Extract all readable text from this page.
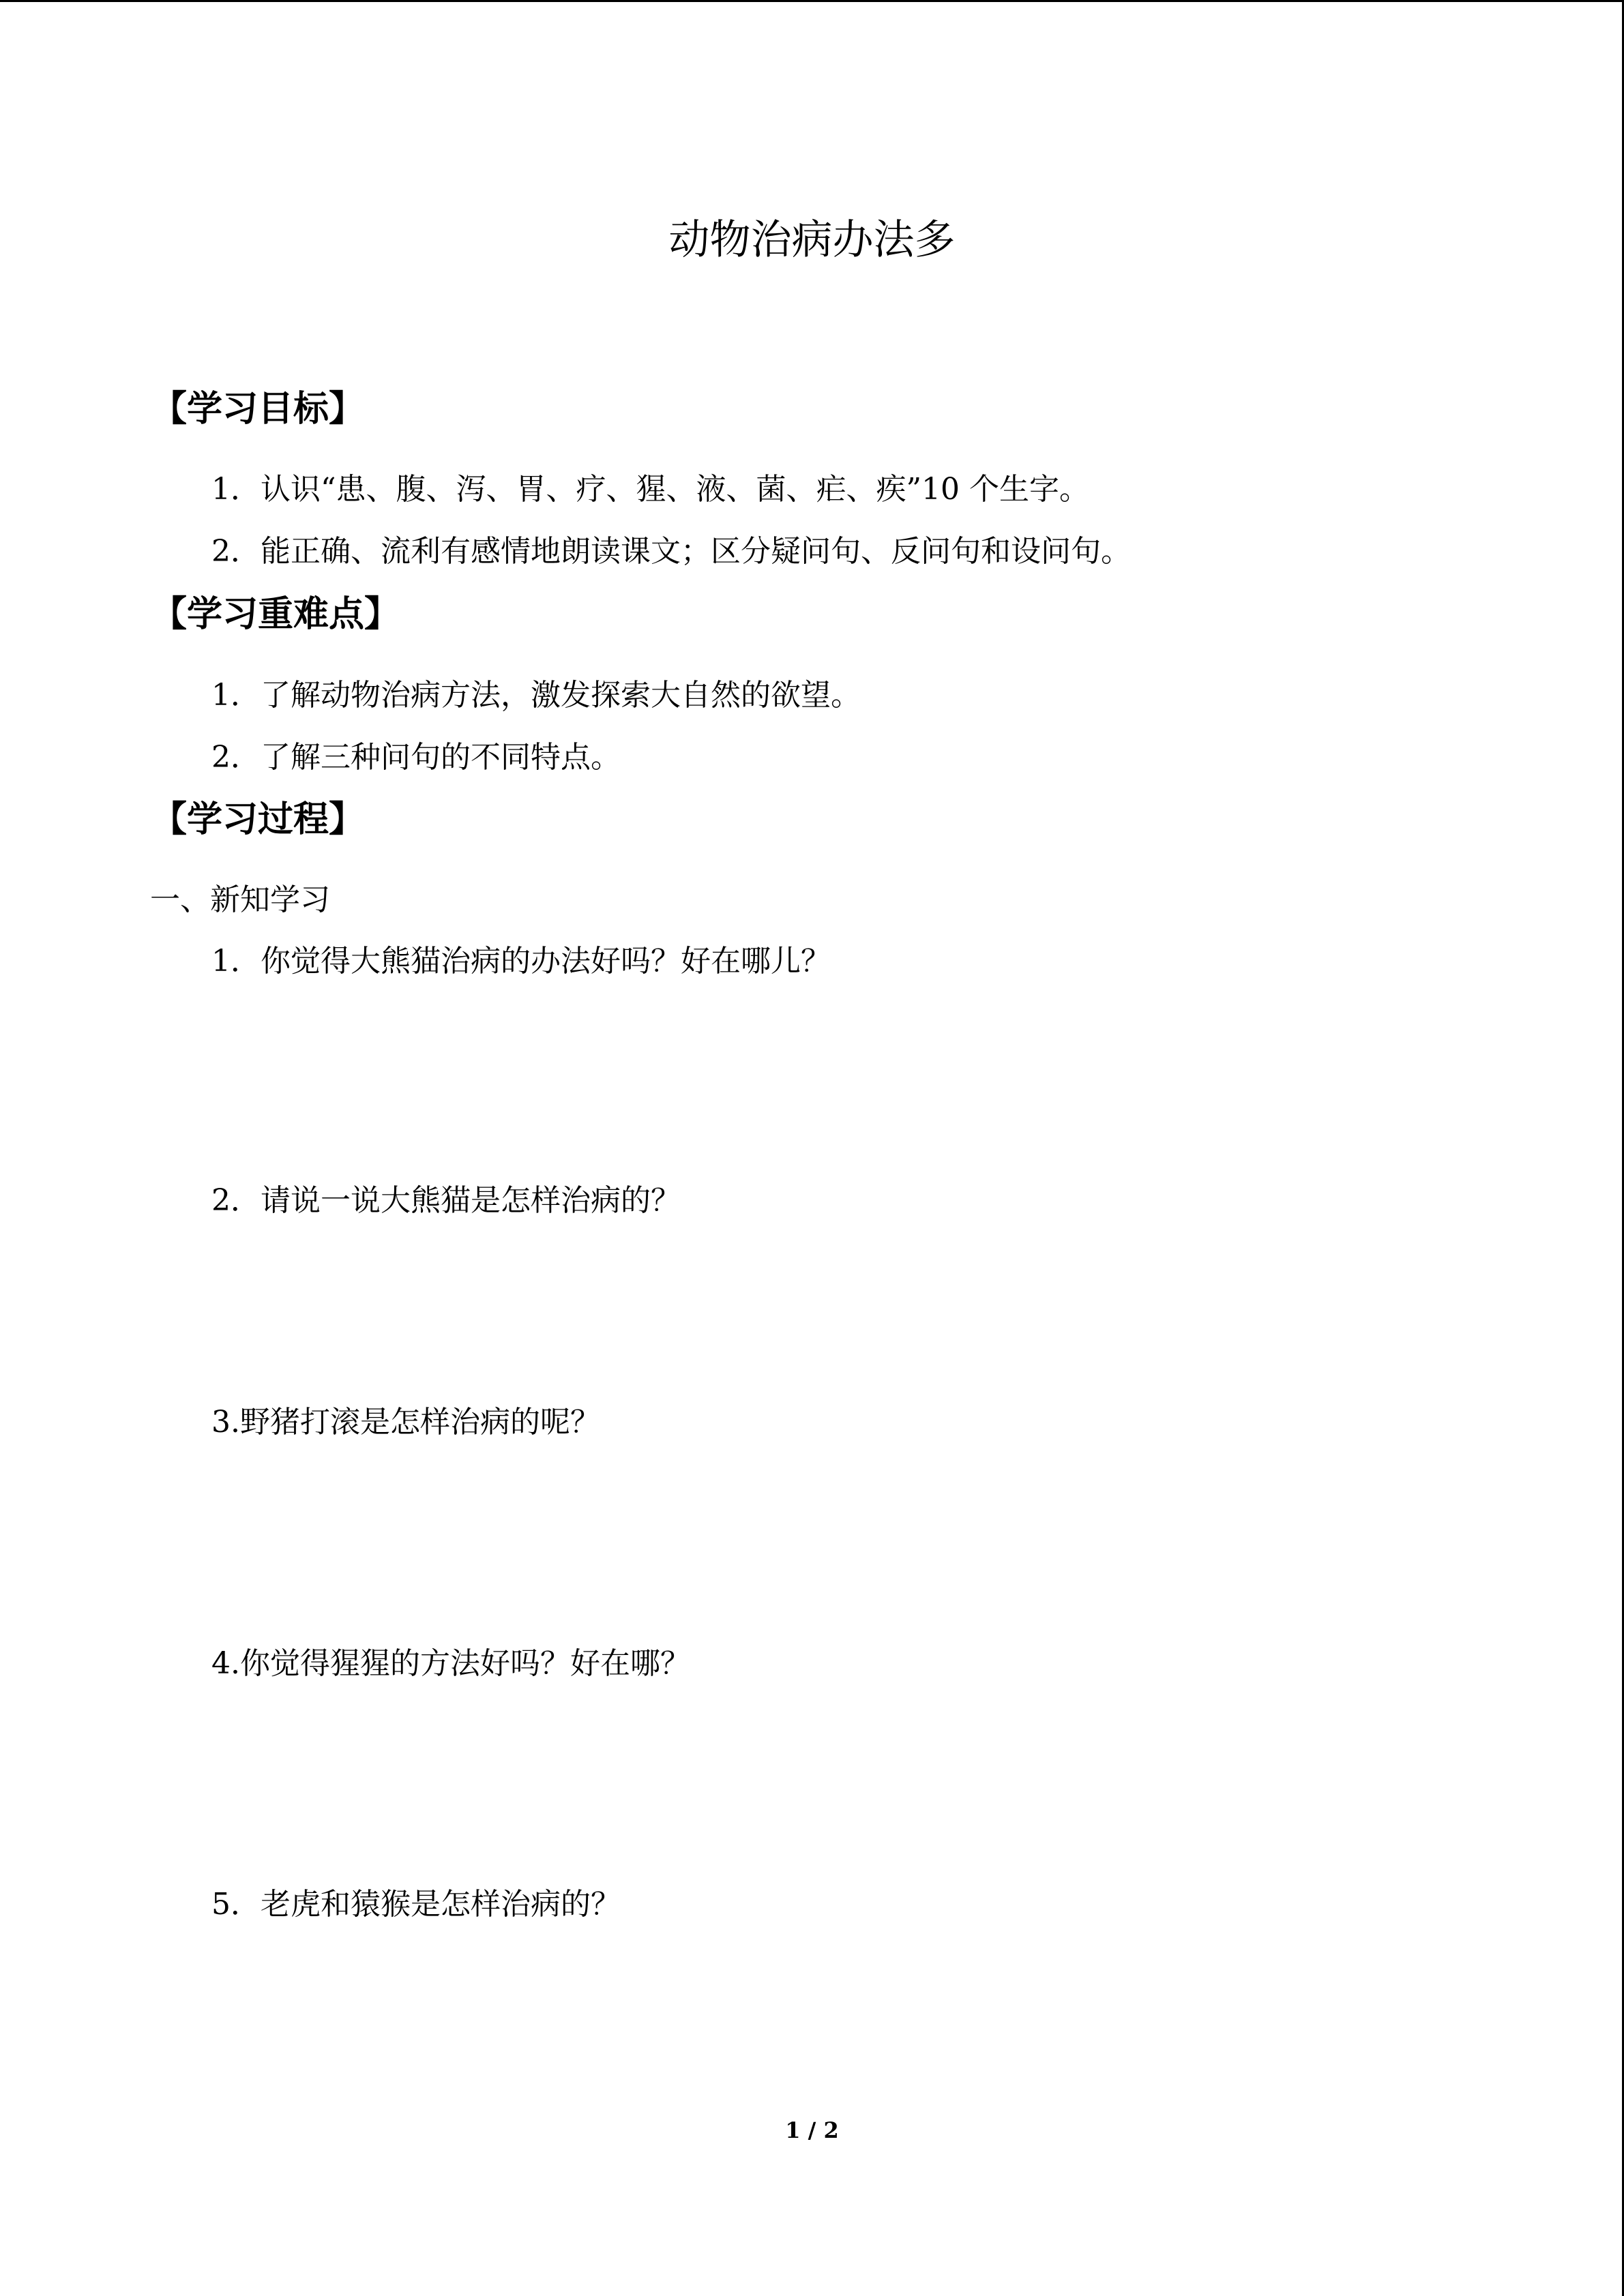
动物治病办法多
【学习目标】
1．认识“患、腹、泻、胃、疗、猩、液、菌、疟、疾”10 个生字。
2．能正确、流利有感情地朗读课文；区分疑问句、反问句和设问句。
【学习重难点】
1．了解动物治病方法，激发探索大自然的欲望。
2．了解三种问句的不同特点。
【学习过程】
一、新知学习
1．你觉得大熊猫治病的办法好吗？好在哪儿？
2．请说一说大熊猫是怎样治病的？
3.野猪打滚是怎样治病的呢？
4.你觉得猩猩的方法好吗？好在哪？
5．老虎和猿猴是怎样治病的？
1 / 2
